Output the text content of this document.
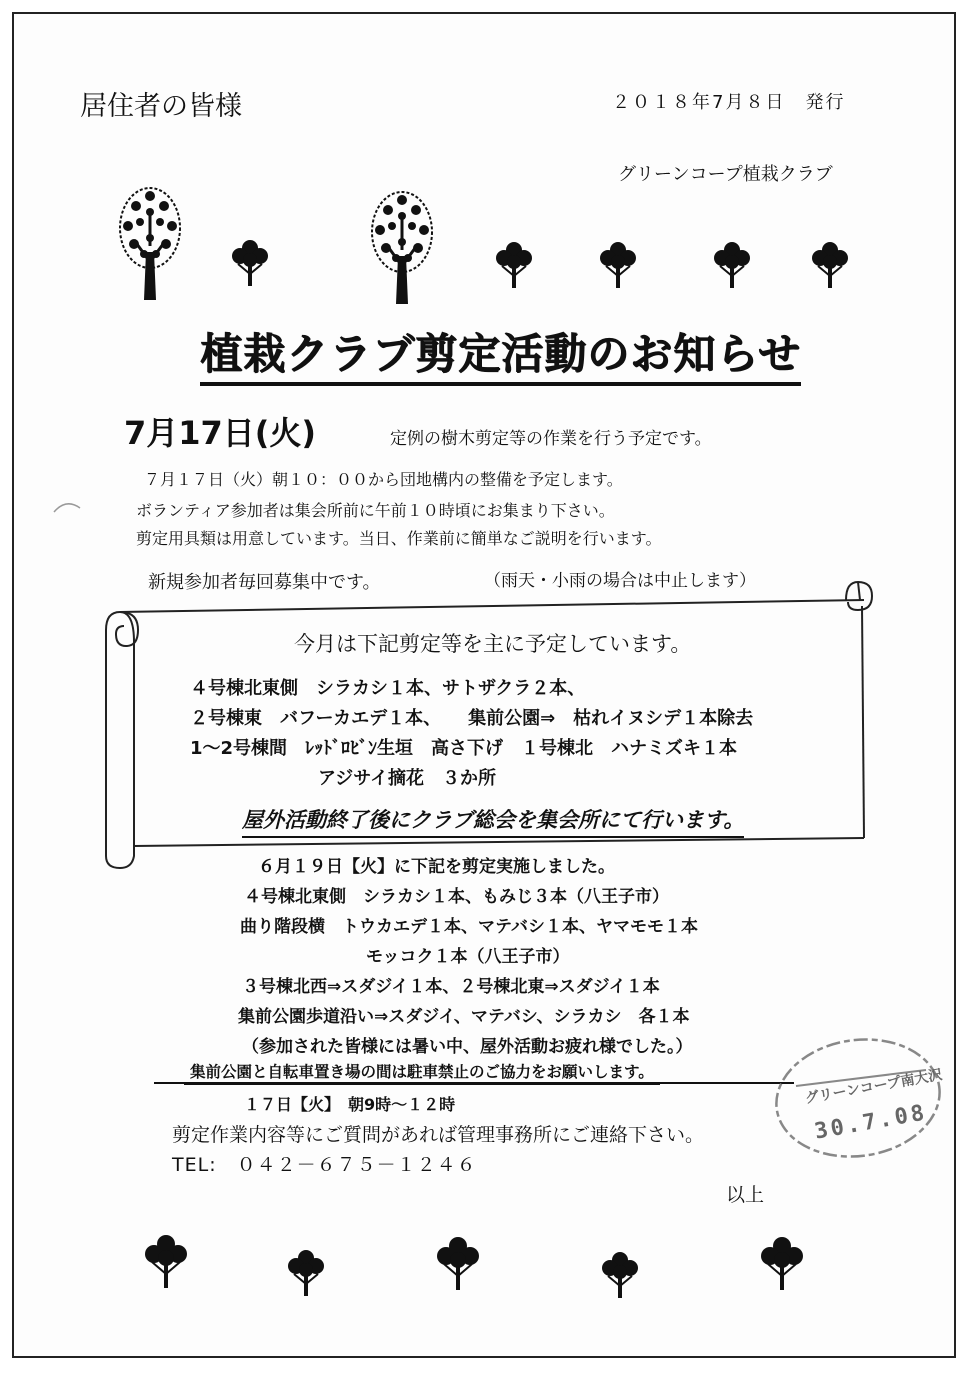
居住者の皆様	２０１８年7月８日　発行
グリーンコープ植栽クラブ
植栽クラブ剪定活動のお知らせ
7月17日(火)	定例の樹木剪定等の作業を行う予定です。
７月１７日（火）朝１０：００から団地構内の整備を予定します。
ボランティア参加者は集会所前に午前１０時頃にお集まり下さい。
剪定用具類は用意しています。当日、作業前に簡単なご説明を行います。
新規参加者毎回募集中です。	（雨天・小雨の場合は中止します）
今月は下記剪定等を主に予定しています。
４号棟北東側　シラカシ１本、サトザクラ２本、
２号棟東　バフーカエデ１本、　　集前公園⇒　枯れイヌシデ１本除去
1～2号棟間　ﾚｯﾄﾞﾛﾋﾞﾝ生垣　高さ下げ　１号棟北　ハナミズキ１本
アジサイ摘花　３か所
屋外活動終了後にクラブ総会を集会所にて行います。
６月１９日【火】に下記を剪定実施しました。
４号棟北東側　シラカシ１本、もみじ３本（八王子市）
曲り階段横　トウカエデ１本、マテバシ１本、ヤマモモ１本
モッコク１本（八王子市）
３号棟北西⇒スダジイ１本、２号棟北東⇒スダジイ１本
集前公園歩道沿い⇒スダジイ、マテバシ、シラカシ　各１本
（参加された皆様には暑い中、屋外活動お疲れ様でした。）
集前公園と自転車置き場の間は駐車禁止のご協力をお願いします。
１７日【火】　朝9時～１２時
剪定作業内容等にご質問があれば管理事務所にご連絡下さい。
TEL:　０４２－６７５－１２４６
以上
グリーンコープ南大沢
30.7.08
